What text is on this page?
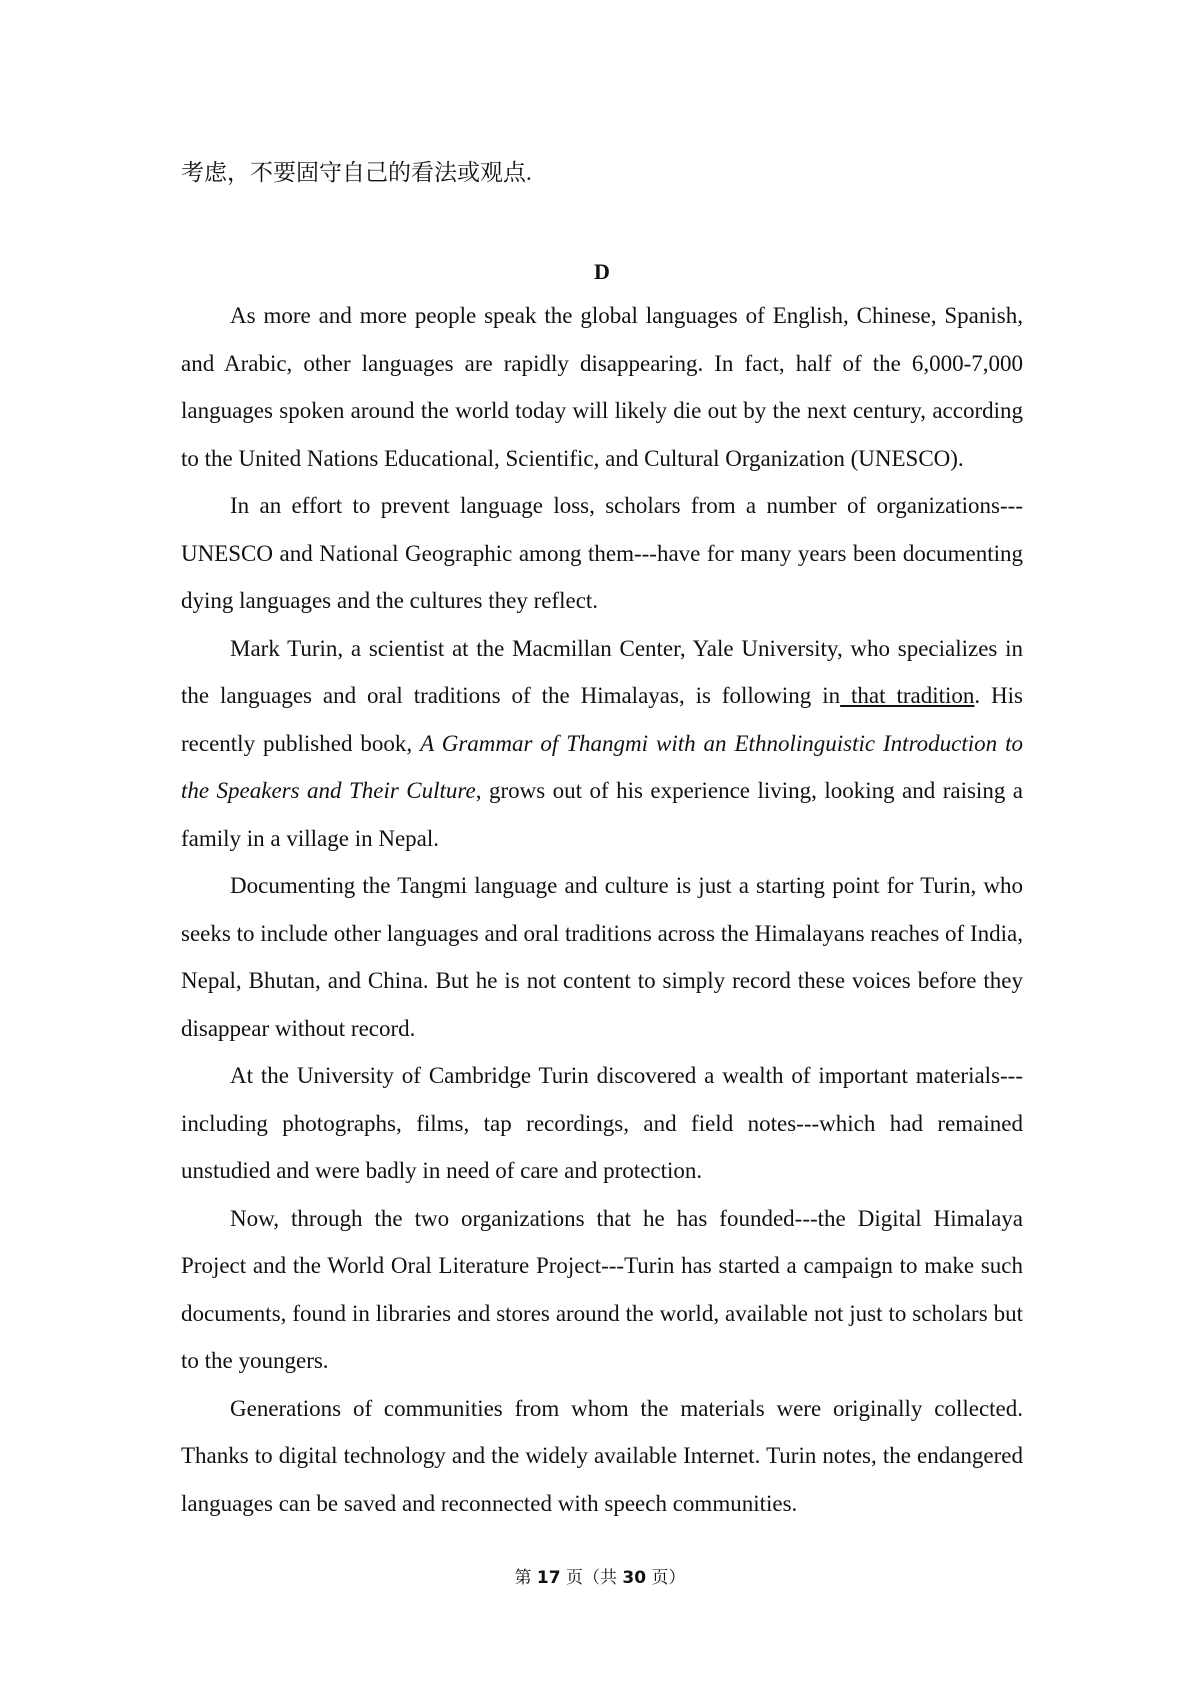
考虑，不要固守自己的看法或观点.

D

As more and more people speak the global languages of English, Chinese, Spanish, and Arabic, other languages are rapidly disappearing. In fact, half of the 6,000-7,000 languages spoken around the world today will likely die out by the next century, according to the United Nations Educational, Scientific, and Cultural Organization (UNESCO).

In an effort to prevent language loss, scholars from a number of organizations---UNESCO and National Geographic among them---have for many years been documenting dying languages and the cultures they reflect.

Mark Turin, a scientist at the Macmillan Center, Yale University, who specializes in the languages and oral traditions of the Himalayas, is following in that tradition. His recently published book, A Grammar of Thangmi with an Ethnolinguistic Introduction to the Speakers and Their Culture, grows out of his experience living, looking and raising a family in a village in Nepal.

Documenting the Tangmi language and culture is just a starting point for Turin, who seeks to include other languages and oral traditions across the Himalayans reaches of India, Nepal, Bhutan, and China. But he is not content to simply record these voices before they disappear without record.

At the University of Cambridge Turin discovered a wealth of important materials---including photographs, films, tap recordings, and field notes---which had remained unstudied and were badly in need of care and protection.

Now, through the two organizations that he has founded---the Digital Himalaya Project and the World Oral Literature Project---Turin has started a campaign to make such documents, found in libraries and stores around the world, available not just to scholars but to the youngers.

Generations of communities from whom the materials were originally collected. Thanks to digital technology and the widely available Internet. Turin notes, the endangered languages can be saved and reconnected with speech communities.

第 17 页（共 30 页）
